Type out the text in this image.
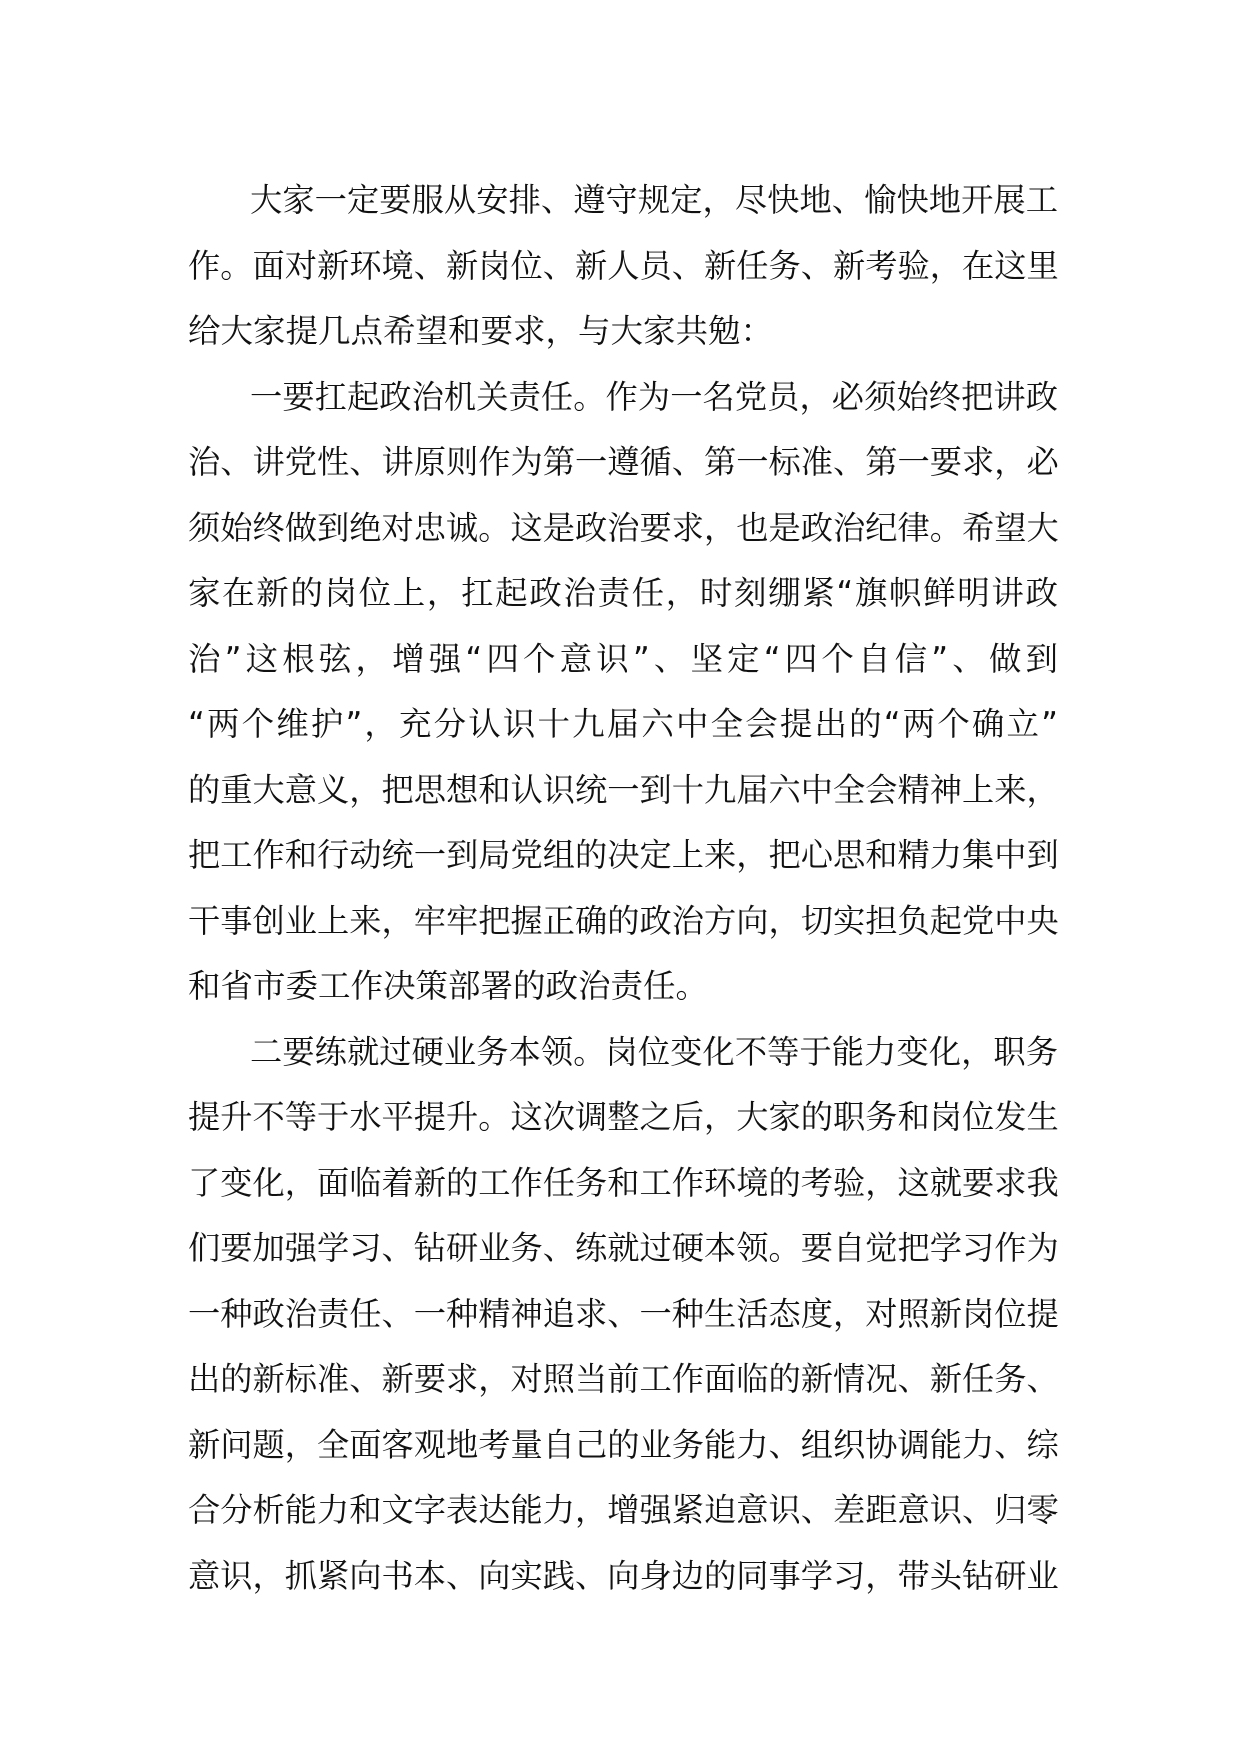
大家一定要服从安排、遵守规定，尽快地、愉快地开展工
作。面对新环境、新岗位、新人员、新任务、新考验，在这里
给大家提几点希望和要求，与大家共勉：
一要扛起政治机关责任。作为一名党员，必须始终把讲政
治、讲党性、讲原则作为第一遵循、第一标准、第一要求，必
须始终做到绝对忠诚。这是政治要求，也是政治纪律。希望大
家在新的岗位上，扛起政治责任，时刻绷紧“旗帜鲜明讲政
治”这根弦，增强“四个意识”、坚定“四个自信”、做到
“两个维护”，充分认识十九届六中全会提出的“两个确立”
的重大意义，把思想和认识统一到十九届六中全会精神上来，
把工作和行动统一到局党组的决定上来，把心思和精力集中到
干事创业上来，牢牢把握正确的政治方向，切实担负起党中央
和省市委工作决策部署的政治责任。
二要练就过硬业务本领。岗位变化不等于能力变化，职务
提升不等于水平提升。这次调整之后，大家的职务和岗位发生
了变化，面临着新的工作任务和工作环境的考验，这就要求我
们要加强学习、钻研业务、练就过硬本领。要自觉把学习作为
一种政治责任、一种精神追求、一种生活态度，对照新岗位提
出的新标准、新要求，对照当前工作面临的新情况、新任务、
新问题，全面客观地考量自己的业务能力、组织协调能力、综
合分析能力和文字表达能力，增强紧迫意识、差距意识、归零
意识，抓紧向书本、向实践、向身边的同事学习，带头钻研业
